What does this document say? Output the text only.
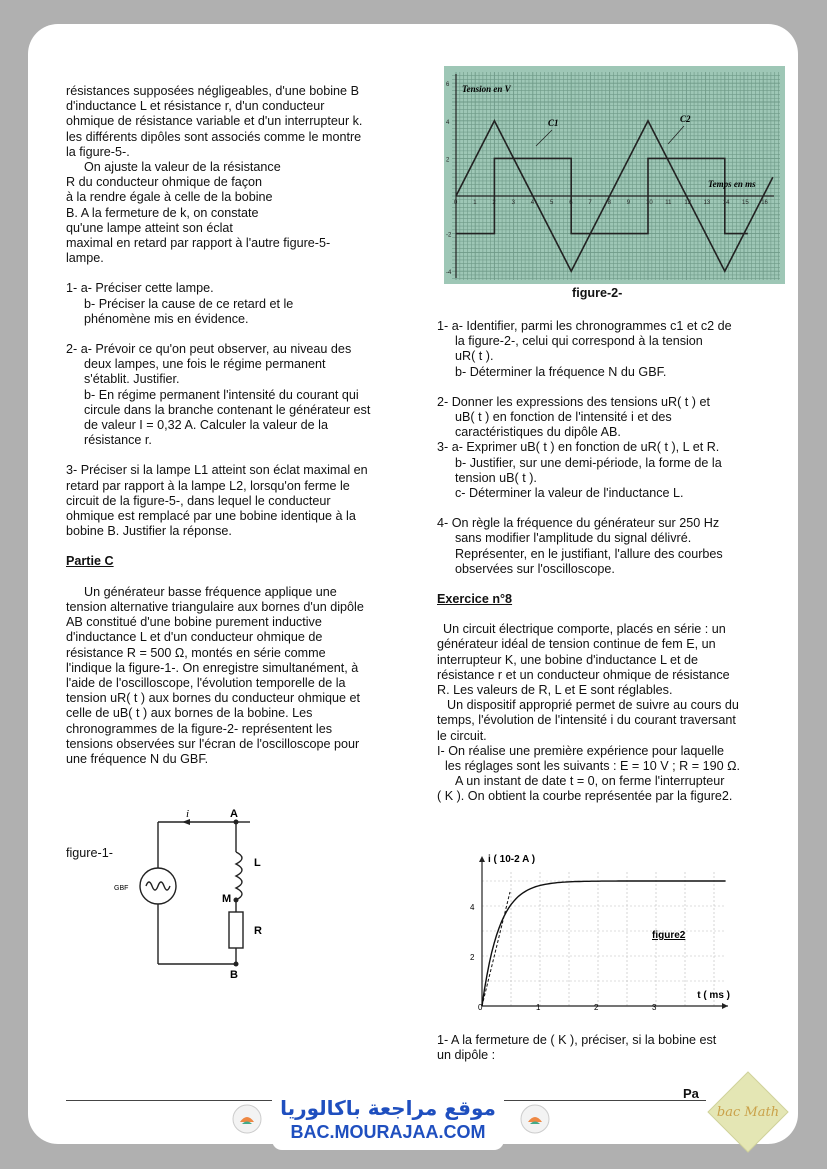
résistances supposées négligeables, d'une bobine B

d'inductance L et résistance r, d'un conducteur

ohmique de résistance variable et d'un interrupteur k.

les différents dipôles sont associés comme le montre

la figure-5-.

On ajuste la valeur de la résistance

R du conducteur ohmique de façon

à la rendre égale à celle de la bobine

B. A la fermeture de k, on constate

qu'une lampe atteint son éclat

maximal en retard par rapport à l'autre figure-5-

lampe.

1- a- Préciser cette lampe.

b- Préciser la cause de ce retard et le

phénomène mis en évidence.

2- a- Prévoir ce qu'on peut observer, au niveau des

deux lampes, une fois le régime permanent

s'établit. Justifier.

b- En régime permanent l'intensité du courant qui

circule dans la branche contenant le générateur est

de valeur I = 0,32 A. Calculer la valeur de la

résistance r.

3- Préciser si la lampe L1 atteint son éclat maximal en

retard par rapport à la lampe L2, lorsqu'on ferme le

circuit de la figure-5-, dans lequel le conducteur

ohmique est remplacé par une bobine identique à la

bobine B. Justifier la réponse.

Partie C

Un générateur basse fréquence applique une

tension alternative triangulaire aux bornes d'un dipôle

AB constitué d'une bobine purement inductive

d'inductance L et d'un conducteur ohmique de

résistance R = 500 Ω, montés en série comme

l'indique la figure-1-. On enregistre simultanément, à

l'aide de l'oscilloscope, l'évolution temporelle de la

tension uR( t ) aux bornes du conducteur ohmique et

celle de uB( t ) aux bornes de la bobine. Les

chronogrammes de la figure-2- représentent les

tensions observées sur l'écran de l'oscilloscope pour

une fréquence N du GBF.

figure-1-
i	A
L
M
R
B
GBF
0	1	2	3	4	5	6	7	8	9	10 11 12 13 14 15 16
6
4
2
-2
-4
Tension en V
Temps en ms
C1	C2
figure-2-

1- a- Identifier, parmi les chronogrammes c1 et c2 de

la figure-2-, celui qui correspond à la tension

uR( t ).

b- Déterminer la fréquence N du GBF.

2- Donner les expressions des tensions uR( t ) et

uB( t ) en fonction de l'intensité i et des

caractéristiques du dipôle AB.

3- a- Exprimer uB( t ) en fonction de uR( t ), L et R.

b- Justifier, sur une demi-période, la forme de la

tension uB( t ).

c- Déterminer la valeur de l'inductance L.

4- On règle la fréquence du générateur sur 250 Hz

sans modifier l'amplitude du signal délivré.

Représenter, en le justifiant, l'allure des courbes

observées sur l'oscilloscope.

Exercice n°8

Un circuit électrique comporte, placés en série : un

générateur idéal de tension continue de fem E, un

interrupteur K, une bobine d'inductance L et de

résistance r et un conducteur ohmique de résistance

R. Les valeurs de R, L et E sont réglables.

Un dispositif approprié permet de suivre au cours du

temps, l'évolution de l'intensité i du courant traversant

le circuit.

I- On réalise une première expérience pour laquelle

les réglages sont les suivants : E = 10 V ; R = 190 Ω.

A un instant de date t = 0, on ferme l'interrupteur

( K ). On obtient la courbe représentée par la figure2.

i ( 10-2 A )
t ( ms )
figure2
4
2
0	1	2	3

1- A la fermeture de ( K ), préciser, si la bobine est

un dipôle :

Pa
موقع مراجعة باكالوريا
BAC.MOURAJAA.COM
bac Math
